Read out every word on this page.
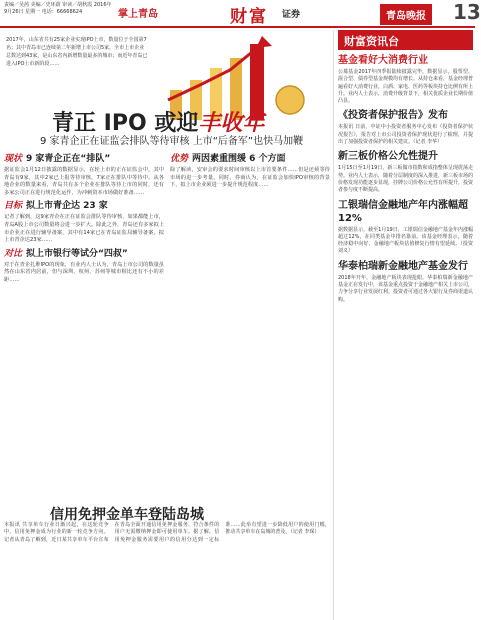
责编／吴茜 美编／史环蔚 审读／胡秋霞 2016年9月26日 星期一 电话：66668624	掌上青岛	财富 证券	青岛晚报	13
2017年，山东省共有25家企业实现IPO上市，数量位于全国第7名；其中青岛市已连续第二年新增上市公司5家，全市上市企业总数达到43家，是山东省内新增数量最多的城市；而近年青岛已进入IPO上市新阶段……
青正 IPO 或迎丰收年
9 家青企正在证监会排队等待审核 上市“后备军”也快马加鞭
现状 9 家青企正在“排队”
据证监会1月12日披露的数据显示，在轮上市的正在证监会中，其中青岛有9家，其中2家已上报等待审核，7家正在排队中等待中。从各地企业的数量来看，青岛共有多个企业在排队等待上市的同时，还有多家公司正在进行规范化运作，为冲刺资本市场做好准备……
目标 拟上市青企达 23 家
记者了解到，这9家青企在正在证监会排队等待审核，如果都能上市，青岛A股上市公司数量将会进一步扩大。除此之外，青岛还有多家拟上市企业正在进行辅导备案，其中有14家已在青岛证监局辅导备案，拟上市青企达23家……
对比 拟上市银行等试分“四叔”
对于在青企扎堆IPO的现象，有业内人士认为，青岛上市公司的数量虽然在山东省内居前，但与深圳、杭州、苏州等城市相比还有不小的差距……
优势 两因素重围缓 6 个方面
除了解读，安审会的要求时间审核以上市首要条件……但是还须等待市场的进一步考量。同时，券商认为，在证监会加快IPO审核的背景下，拟上市企业须进一步提升规范程度……
信用免押金单车登陆岛城
本报讯 共享单车行业日渐兴起，在这轮竞争中，信用免押金成为行业的新一轮竞争方向。记者从青岛了解到，近日某共享单车平台宣布在青岛全面开通信用免押金服务，符合条件的用户无需缴纳押金即可使用单车。据了解，信用免押金服务需要用户的信用分达到一定标准……此举有望进一步降低用户的使用门槛，推动共享单车在岛城的普及。（记者 李琛）
财富资讯台
基金看好大消费行业
公募基金2017年四季报陆续披露完毕，数据显示，股票型、混合型、债券型基金规模均有增长。从持仓来看，基金经理普遍看好大消费行业，白酒、家电、医药等板块持仓比例有所上升。业内人士表示，消费升级背景下，相关优质企业长期价值凸显。
《投资者保护报告》发布
本报讯 日前，中证中小投资者服务中心发布《投资者保护状况报告》，报告对上市公司投资者保护现状进行了梳理，并提出了加强投资者保护的相关建议。（记者 李华）
新三板价格公允性提升
1月15日至1月19日，新三板做市指数和成指整体呈现震荡走势。业内人士表示，随着分层制度的深入推进，新三板市场的价格发现功能逐步显现，挂牌公司价格公允性有所提升，投资者参与度不断提高。
工银瑞信金融地产年内涨幅超 12%
据数据显示，截至1月19日，工银瑞信金融地产基金年内涨幅超过12%，在同类基金中排名靠前。该基金经理表示，随着经济稳中向好，金融地产板块估值修复行情有望延续。（投资 刘义）
华泰柏瑞新金融地产基金发行
2018年开年，金融地产板块表现抢眼。华泰柏瑞新金融地产基金正在发行中，该基金重点投资于金融地产相关上市公司，力争分享行业发展红利。投资者可通过各大银行及券商渠道认购。
